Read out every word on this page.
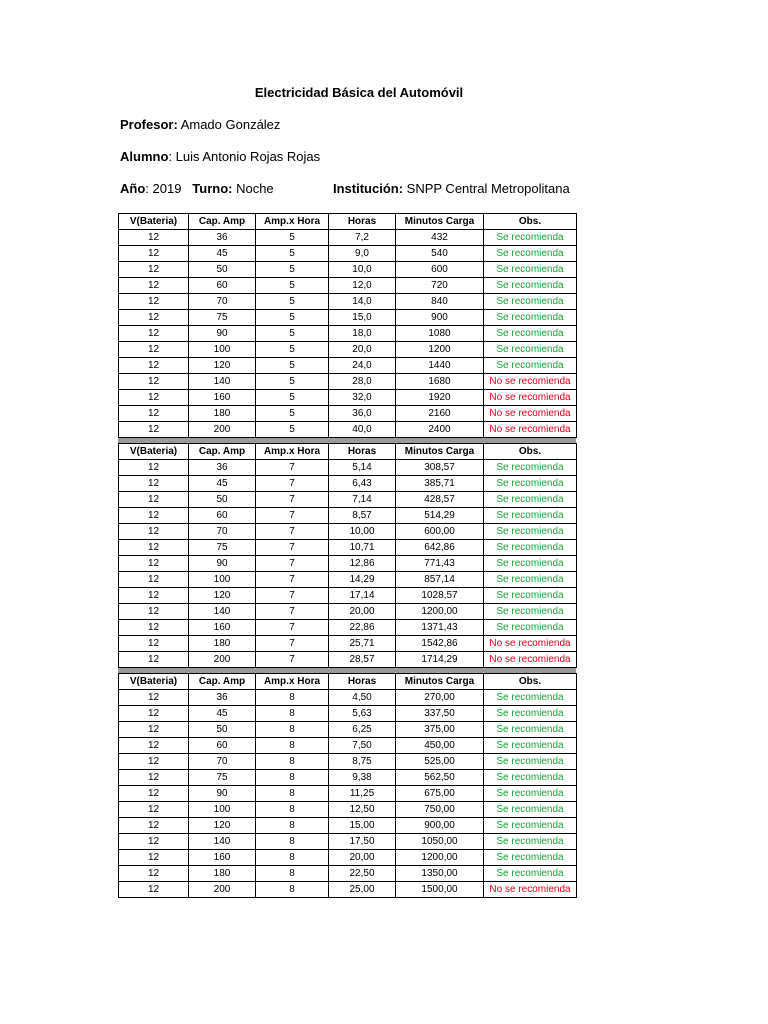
Electricidad Básica del Automóvil
Profesor: Amado González
Alumno: Luis Antonio Rojas Rojas
Año: 2019 Turno: Noche	Institución: SNPP Central Metropolitana
V(Bateria)	Cap. Amp	Amp.x Hora	Horas	Minutos Carga	Obs.
12	36	5	7,2	432	Se recomienda
12	45	5	9,0	540	Se recomienda
12	50	5	10,0	600	Se recomienda
12	60	5	12,0	720	Se recomienda
12	70	5	14,0	840	Se recomienda
12	75	5	15,0	900	Se recomienda
12	90	5	18,0	1080	Se recomienda
12	100	5	20,0	1200	Se recomienda
12	120	5	24,0	1440	Se recomienda
12	140	5	28,0	1680	No se recomienda
12	160	5	32,0	1920	No se recomienda
12	180	5	36,0	2160	No se recomienda
12	200	5	40,0	2400	No se recomienda
V(Bateria)	Cap. Amp	Amp.x Hora	Horas	Minutos Carga	Obs.
12	36	7	5,14	308,57	Se recomienda
12	45	7	6,43	385,71	Se recomienda
12	50	7	7,14	428,57	Se recomienda
12	60	7	8,57	514,29	Se recomienda
12	70	7	10,00	600,00	Se recomienda
12	75	7	10,71	642,86	Se recomienda
12	90	7	12,86	771,43	Se recomienda
12	100	7	14,29	857,14	Se recomienda
12	120	7	17,14	1028,57	Se recomienda
12	140	7	20,00	1200,00	Se recomienda
12	160	7	22,86	1371,43	Se recomienda
12	180	7	25,71	1542,86	No se recomienda
12	200	7	28,57	1714,29	No se recomienda
V(Bateria)	Cap. Amp	Amp.x Hora	Horas	Minutos Carga	Obs.
12	36	8	4,50	270,00	Se recomienda
12	45	8	5,63	337,50	Se recomienda
12	50	8	6,25	375,00	Se recomienda
12	60	8	7,50	450,00	Se recomienda
12	70	8	8,75	525,00	Se recomienda
12	75	8	9,38	562,50	Se recomienda
12	90	8	11,25	675,00	Se recomienda
12	100	8	12,50	750,00	Se recomienda
12	120	8	15,00	900,00	Se recomienda
12	140	8	17,50	1050,00	Se recomienda
12	160	8	20,00	1200,00	Se recomienda
12	180	8	22,50	1350,00	Se recomienda
12	200	8	25,00	1500,00	No se recomienda
